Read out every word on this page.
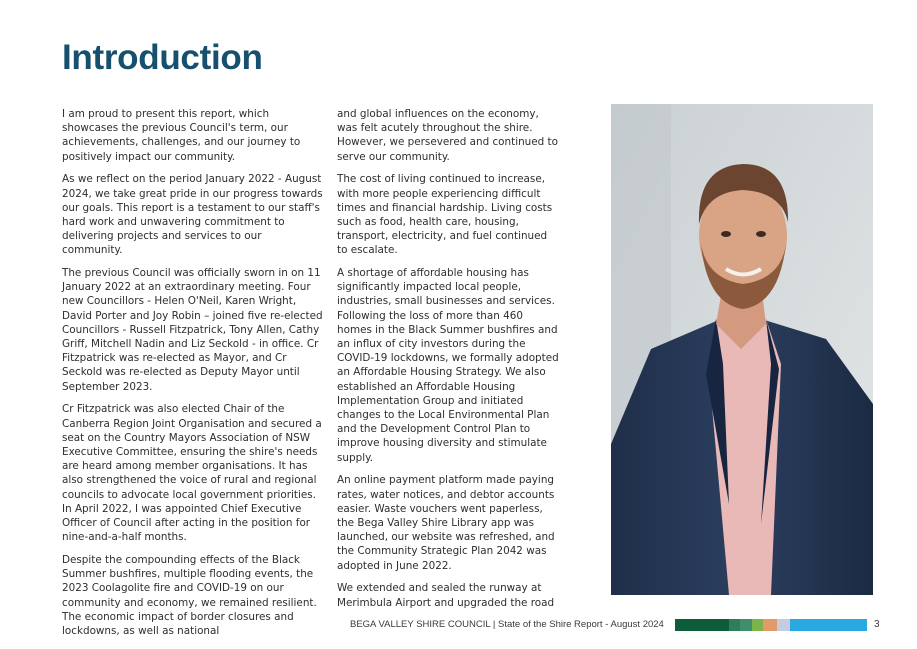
Introduction

I am proud to present this report, which showcases the previous Council's term, our achievements, challenges, and our journey to positively impact our community.

As we reflect on the period January 2022 - August 2024, we take great pride in our progress towards our goals. This report is a testament to our staff's hard work and unwavering commitment to delivering projects and services to our community.

The previous Council was officially sworn in on 11 January 2022 at an extraordinary meeting. Four new Councillors - Helen O'Neil, Karen Wright, David Porter and Joy Robin – joined five re-elected Councillors - Russell Fitzpatrick, Tony Allen, Cathy Griff, Mitchell Nadin and Liz Seckold - in office. Cr Fitzpatrick was re-elected as Mayor, and Cr Seckold was re-elected as Deputy Mayor until September 2023.

Cr Fitzpatrick was also elected Chair of the Canberra Region Joint Organisation and secured a seat on the Country Mayors Association of NSW Executive Committee, ensuring the shire's needs are heard among member organisations. It has also strengthened the voice of rural and regional councils to advocate local government priorities. In April 2022, I was appointed Chief Executive Officer of Council after acting in the position for nine-and-a-half months.

Despite the compounding effects of the Black Summer bushfires, multiple flooding events, the 2023 Coolagolite fire and COVID-19 on our community and economy, we remained resilient. The economic impact of border closures and lockdowns, as well as national

and global influences on the economy, was felt acutely throughout the shire. However, we persevered and continued to serve our community.

The cost of living continued to increase, with more people experiencing difficult times and financial hardship. Living costs such as food, health care, housing, transport, electricity, and fuel continued to escalate.

A shortage of affordable housing has significantly impacted local people, industries, small businesses and services. Following the loss of more than 460 homes in the Black Summer bushfires and an influx of city investors during the COVID-19 lockdowns, we formally adopted an Affordable Housing Strategy. We also established an Affordable Housing Implementation Group and initiated changes to the Local Environmental Plan and the Development Control Plan to improve housing diversity and stimulate supply.

An online payment platform made paying rates, water notices, and debtor accounts easier. Waste vouchers went paperless, the Bega Valley Shire Library app was launched, our website was refreshed, and the Community Strategic Plan 2042 was adopted in June 2022.

We extended and sealed the runway at Merimbula Airport and upgraded the road

BEGA VALLEY SHIRE COUNCIL | State of the Shire Report - August 2024	3
